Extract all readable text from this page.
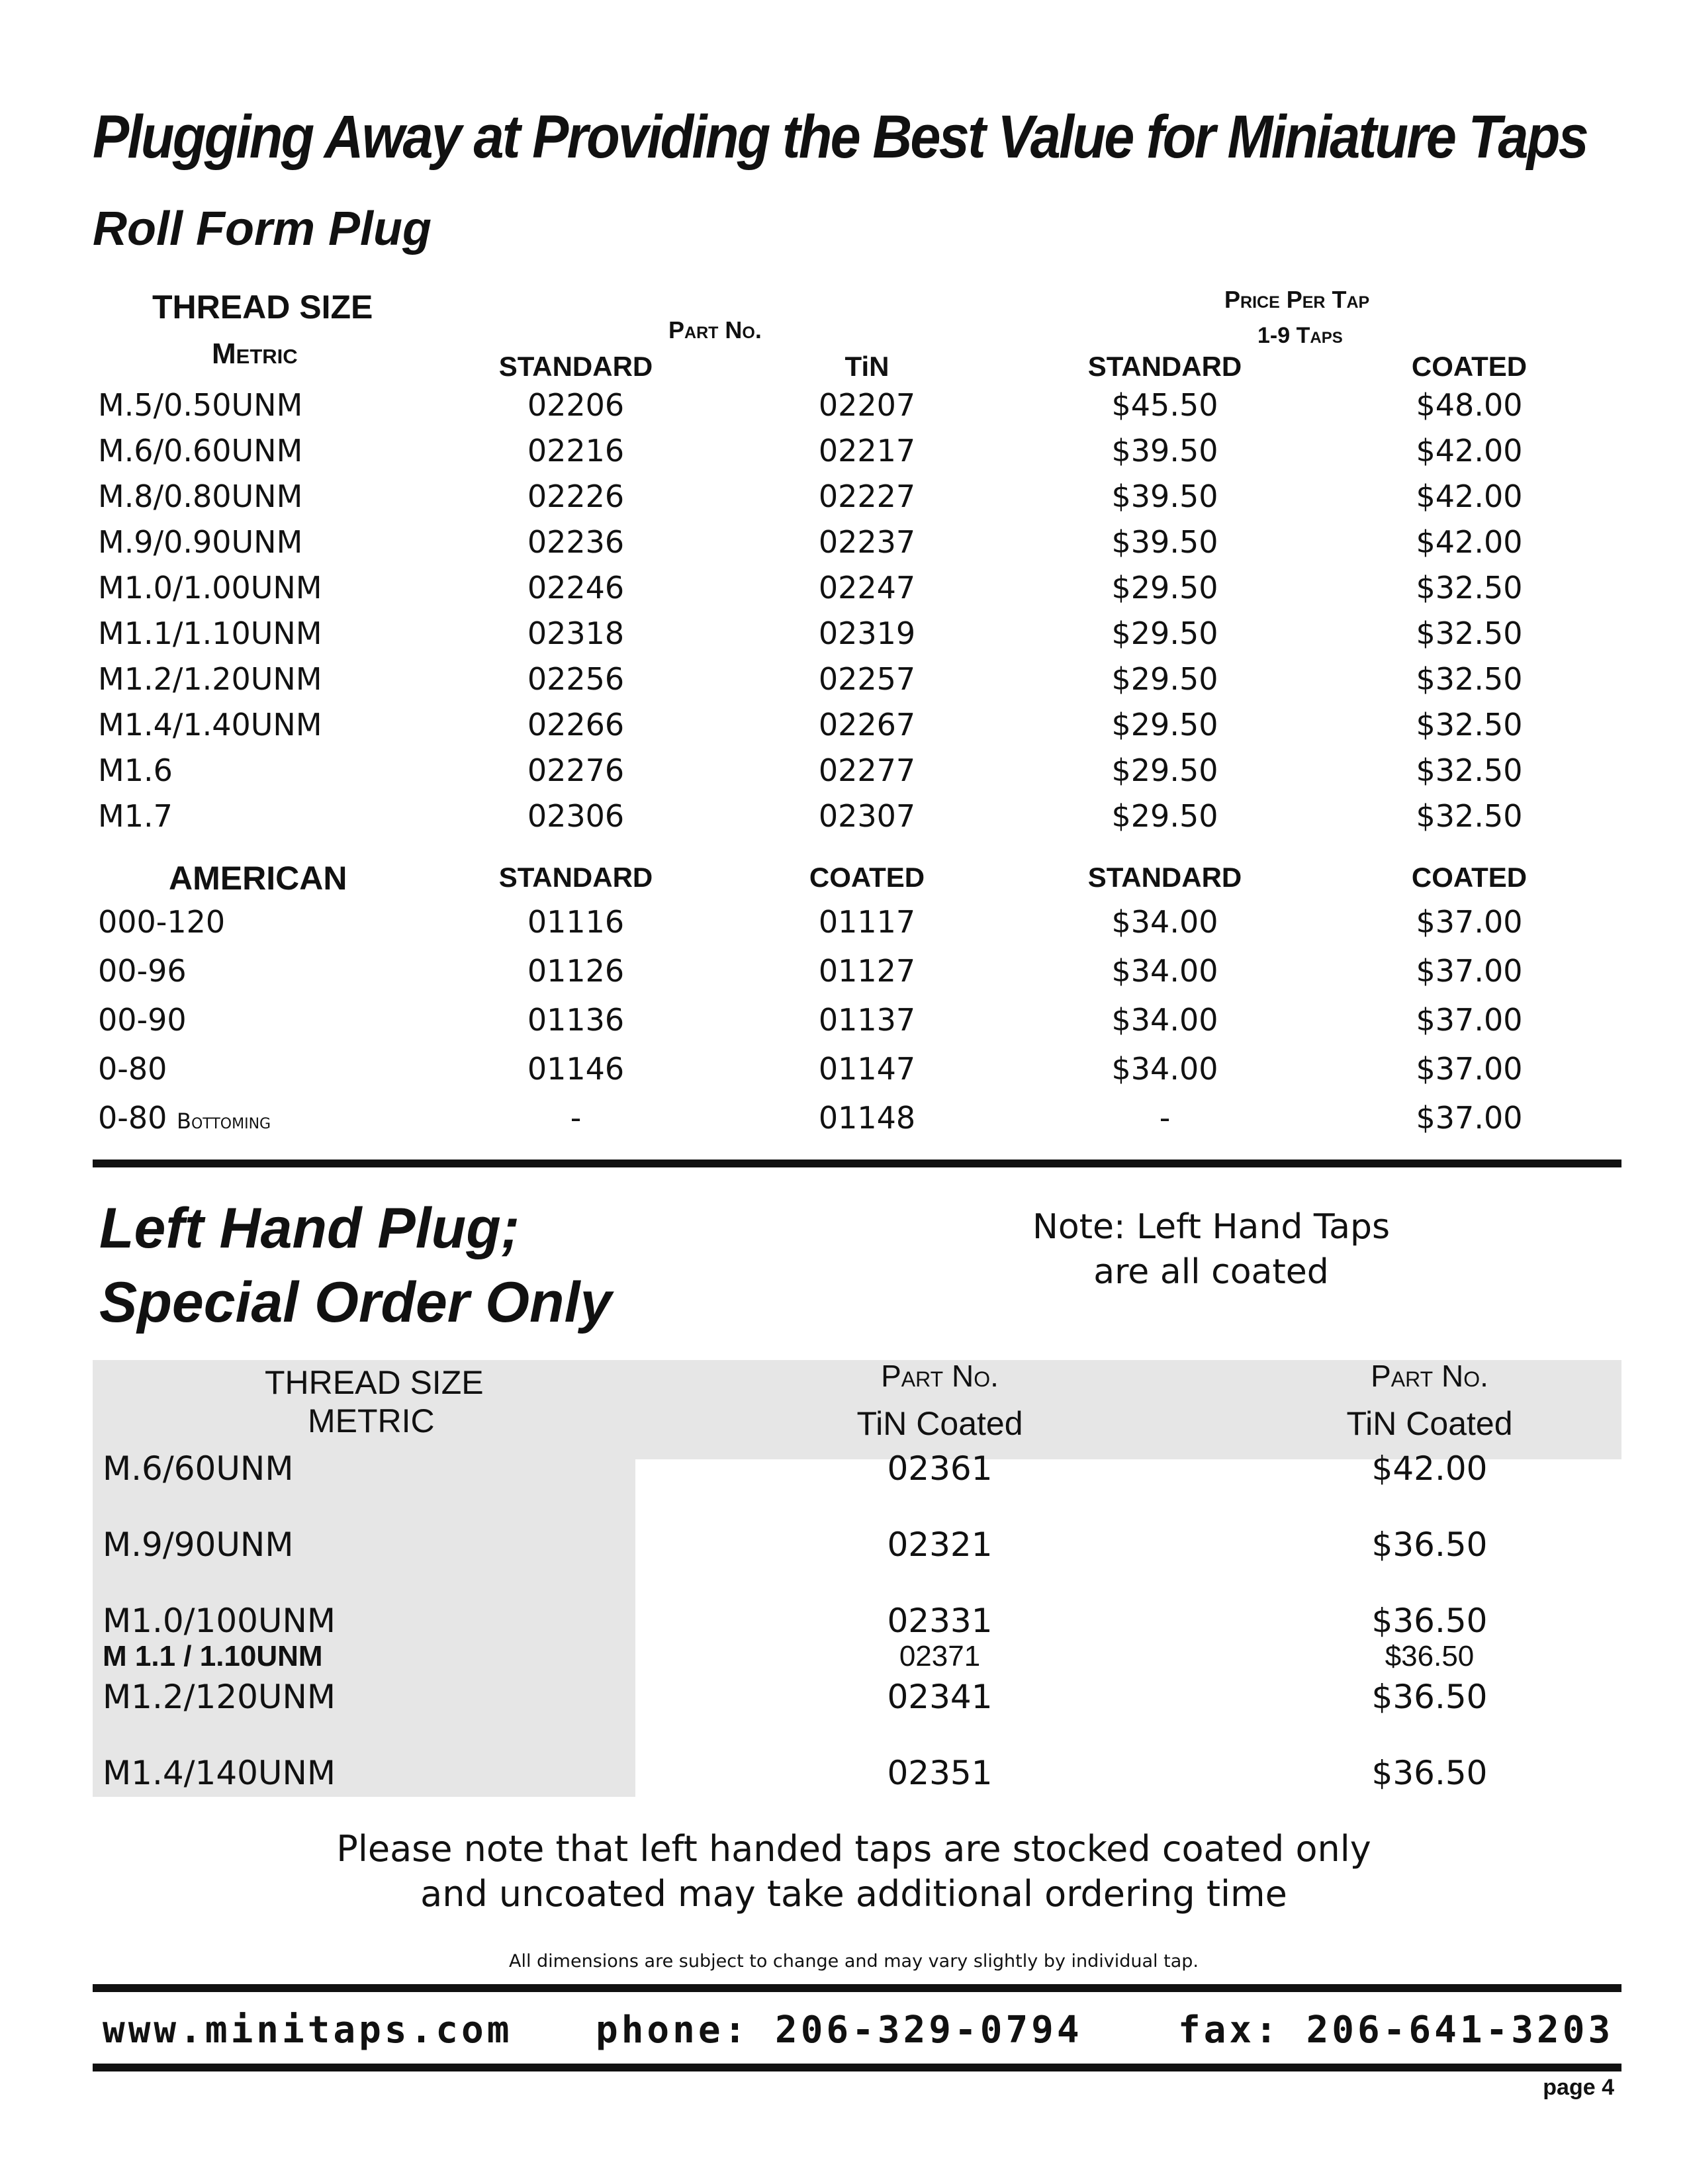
Plugging Away at Providing the Best Value for Miniature Taps
Roll Form Plug
THREAD SIZE
Metric
Part No.
Price Per Tap
1-9 Taps
STANDARD	TiN	STANDARD	COATED
M.5/0.50UNM	02206	02207	$45.50	$48.00
M.6/0.60UNM	02216	02217	$39.50	$42.00
M.8/0.80UNM	02226	02227	$39.50	$42.00
M.9/0.90UNM	02236	02237	$39.50	$42.00
M1.0/1.00UNM	02246	02247	$29.50	$32.50
M1.1/1.10UNM	02318	02319	$29.50	$32.50
M1.2/1.20UNM	02256	02257	$29.50	$32.50
M1.4/1.40UNM	02266	02267	$29.50	$32.50
M1.6	02276	02277	$29.50	$32.50
M1.7	02306	02307	$29.50	$32.50
AMERICAN	STANDARD	COATED	STANDARD	COATED
000-120	01116	01117	$34.00	$37.00
00-96	01126	01127	$34.00	$37.00
00-90	01136	01137	$34.00	$37.00
0-80	01146	01147	$34.00	$37.00
0-80 Bottoming	-	01148	-	$37.00
Left Hand Plug;
Special Order Only
Note: Left Hand Taps
are all coated
THREAD SIZE
METRIC
Part No.
TiN Coated
Part No.
TiN Coated
M.6/60UNM	02361	$42.00
M.9/90UNM	02321	$36.50
M1.0/100UNM	02331	$36.50
M 1.1 / 1.10UNM	02371	$36.50
M1.2/120UNM	02341	$36.50
M1.4/140UNM	02351	$36.50
Please note that left handed taps are stocked coated only
and uncoated may take additional ordering time
All dimensions are subject to change and may vary slightly by individual tap.
www.minitaps.com phone: 206-329-0794	fax: 206-641-3203
page 4
